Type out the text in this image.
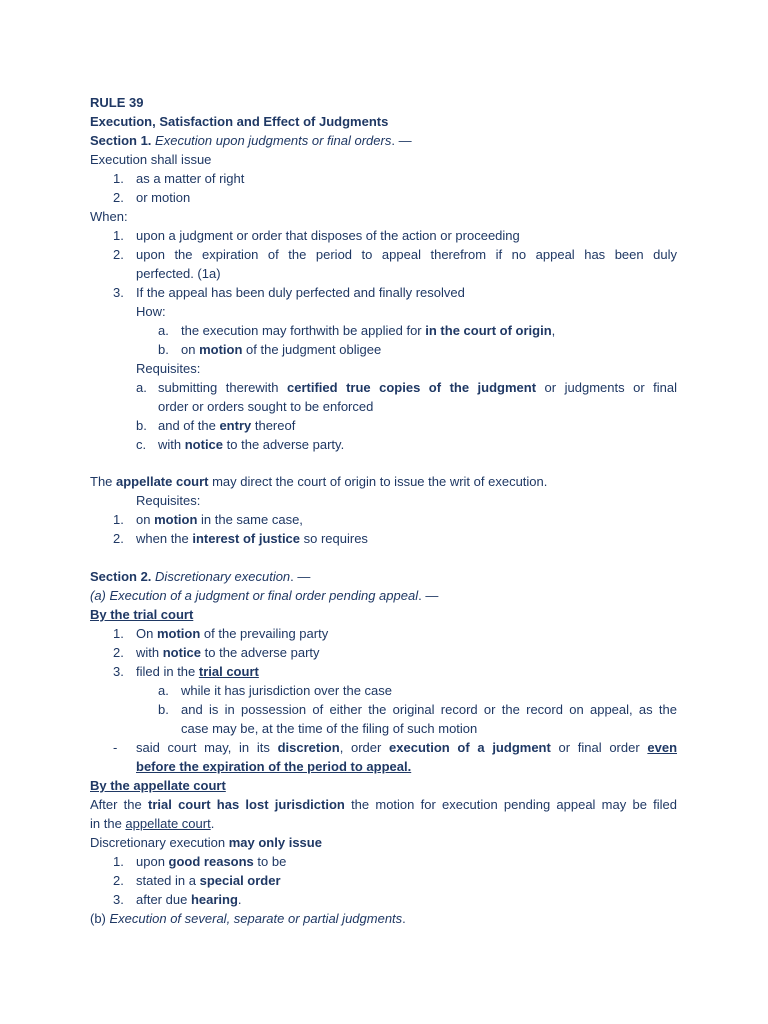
RULE 39
Execution, Satisfaction and Effect of Judgments
Section 1. Execution upon judgments or final orders. —
Execution shall issue
1. as a matter of right
2. or motion
When:
1. upon a judgment or order that disposes of the action or proceeding
2. upon the expiration of the period to appeal therefrom if no appeal has been duly
perfected. (1a)
3. If the appeal has been duly perfected and finally resolved
How:
a. the execution may forthwith be applied for in the court of origin,
b. on motion of the judgment obligee
Requisites:
a. submitting therewith certified true copies of the judgment or judgments or final
order or orders sought to be enforced
b. and of the entry thereof
c. with notice to the adverse party.
The appellate court may direct the court of origin to issue the writ of execution.
Requisites:
1. on motion in the same case,
2. when the interest of justice so requires
Section 2. Discretionary execution. —
(a) Execution of a judgment or final order pending appeal. —
By the trial court
1. On motion of the prevailing party
2. with notice to the adverse party
3. filed in the trial court
a. while it has jurisdiction over the case
b. and is in possession of either the original record or the record on appeal, as the
case may be, at the time of the filing of such motion
- said court may, in its discretion, order execution of a judgment or final order even
before the expiration of the period to appeal.
By the appellate court
After the trial court has lost jurisdiction the motion for execution pending appeal may be filed
in the appellate court.
Discretionary execution may only issue
1. upon good reasons to be
2. stated in a special order
3. after due hearing.
(b) Execution of several, separate or partial judgments.
